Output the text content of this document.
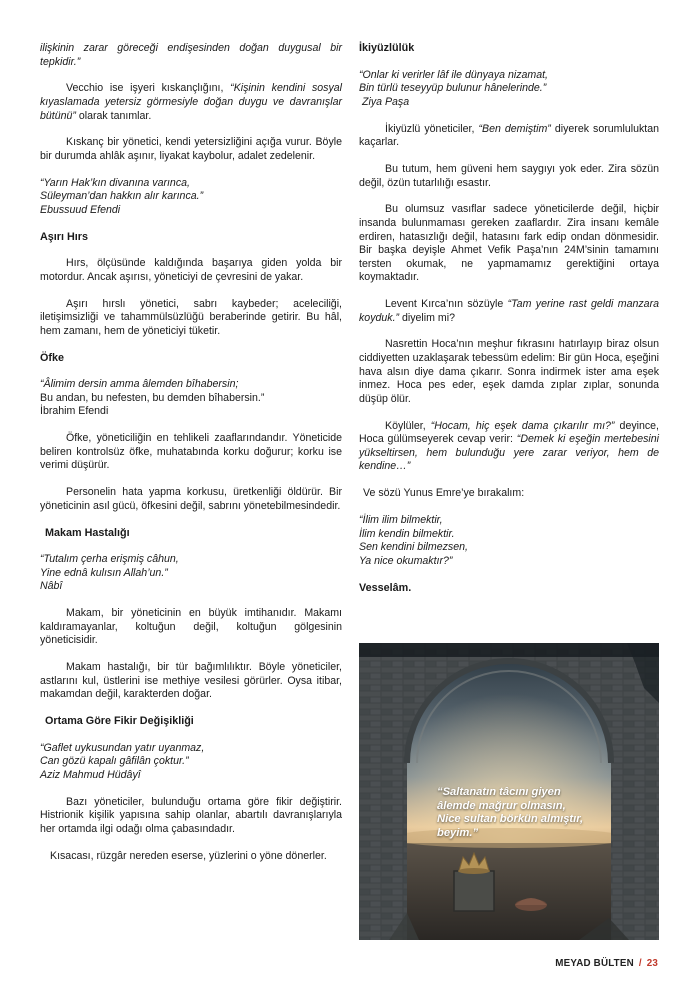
ilişkinin zarar göreceği endişesinden doğan duygusal bir tepkidir.”

Vecchio ise işyeri kıskançlığını, “Kişinin kendini sosyal kıyaslamada yetersiz görmesiyle doğan duygu ve davranışlar bütünü” olarak tanımlar.

Kıskanç bir yönetici, kendi yetersizliğini açığa vurur. Böyle bir durumda ahlâk aşınır, liyakat kaybolur, adalet zedelenir.

“Yarın Hak’kın divanına varınca,
Süleyman’dan hakkın alır karınca.”
Ebussuud Efendi

Aşırı Hırs

Hırs, ölçüsünde kaldığında başarıya giden yolda bir motordur. Ancak aşırısı, yöneticiyi de çevresini de yakar.

Aşırı hırslı yönetici, sabrı kaybeder; aceleciliği, iletişimsizliği ve tahammülsüzlüğü beraberinde getirir. Bu hâl, hem zamanı, hem de yöneticiyi tüketir.

Öfke

“Âlimim dersin amma âlemden bîhabersin;
Bu andan, bu nefesten, bu demden bîhabersin.”
İbrahim Efendi

Öfke, yöneticiliğin en tehlikeli zaaflarındandır. Yöneticide beliren kontrolsüz öfke, muhatabında korku doğurur; korku ise verimi düşürür.

Personelin hata yapma korkusu, üretkenliği öldürür. Bir yöneticinin asıl gücü, öfkesini değil, sabrını yönetebilmesindedir.

Makam Hastalığı

“Tutalım çerha erişmiş câhun,
Yine ednâ kulısın Allah’un.”
Nâbî

Makam, bir yöneticinin en büyük imtihanıdır. Makamı kaldıramayanlar, koltuğun değil, koltuğun gölgesinin yöneticisidir.

Makam hastalığı, bir tür bağımlılıktır. Böyle yöneticiler, astlarını kul, üstlerini ise methiye vesilesi görürler. Oysa itibar, makamdan değil, karakterden doğar.

Ortama Göre Fikir Değişikliği

“Gaflet uykusundan yatır uyanmaz,
Can gözü kapalı gâfilân çoktur.”
Aziz Mahmud Hüdâyî

Bazı yöneticiler, bulunduğu ortama göre fikir değiştirir. Histrionik kişilik yapısına sahip olanlar, abartılı davranışlarıyla her ortamda ilgi odağı olma çabasındadır.

Kısacası, rüzgâr nereden eserse, yüzlerini o yöne dönerler.

İkiyüzlülük

“Onlar ki verirler lâf ile dünyaya nizamat,
Bin türlü teseyyüp bulunur hânelerinde.”
Ziya Paşa

İkiyüzlü yöneticiler, “Ben demiştim” diyerek sorumluluktan kaçarlar.

Bu tutum, hem güveni hem saygıyı yok eder. Zira sözün değil, özün tutarlılığı esastır.

Bu olumsuz vasıflar sadece yöneticilerde değil, hiçbir insanda bulunmaması gereken zaaflardır. Zira insanı kemâle erdiren, hatasızlığı değil, hatasını fark edip ondan dönmesidir. Bir başka deyişle Ahmet Vefik Paşa’nın 24M’sinin tamamını tersten okumak, ne yapmamamız gerektiğini ortaya koymaktadır.

Levent Kırca’nın sözüyle “Tam yerine rast geldi manzara koyduk.” diyelim mi?

Nasrettin Hoca’nın meşhur fıkrasını hatırlayıp biraz olsun ciddiyetten uzaklaşarak tebessüm edelim: Bir gün Hoca, eşeğini hava alsın diye dama çıkarır. Sonra indirmek ister ama eşek inmez. Hoca pes eder, eşek damda zıplar zıplar, sonunda düşüp ölür.

Köylüler, “Hocam, hiç eşek dama çıkarılır mı?” deyince, Hoca gülümseyerek cevap verir: “Demek ki eşeğin mertebesini yükseltirsen, hem bulunduğu yere zarar veriyor, hem de kendine…”

Ve sözü Yunus Emre’ye bırakalım:

“İlim ilim bilmektir,
İlim kendin bilmektir.
Sen kendini bilmezsen,
Ya nice okumaktır?”

Vesselâm.
“Saltanatın tâcını giyen
âlemde mağrur olmasın,
Nice sultan börkün almıştır,
beyim.”
MEYAD BÜLTEN / 23
